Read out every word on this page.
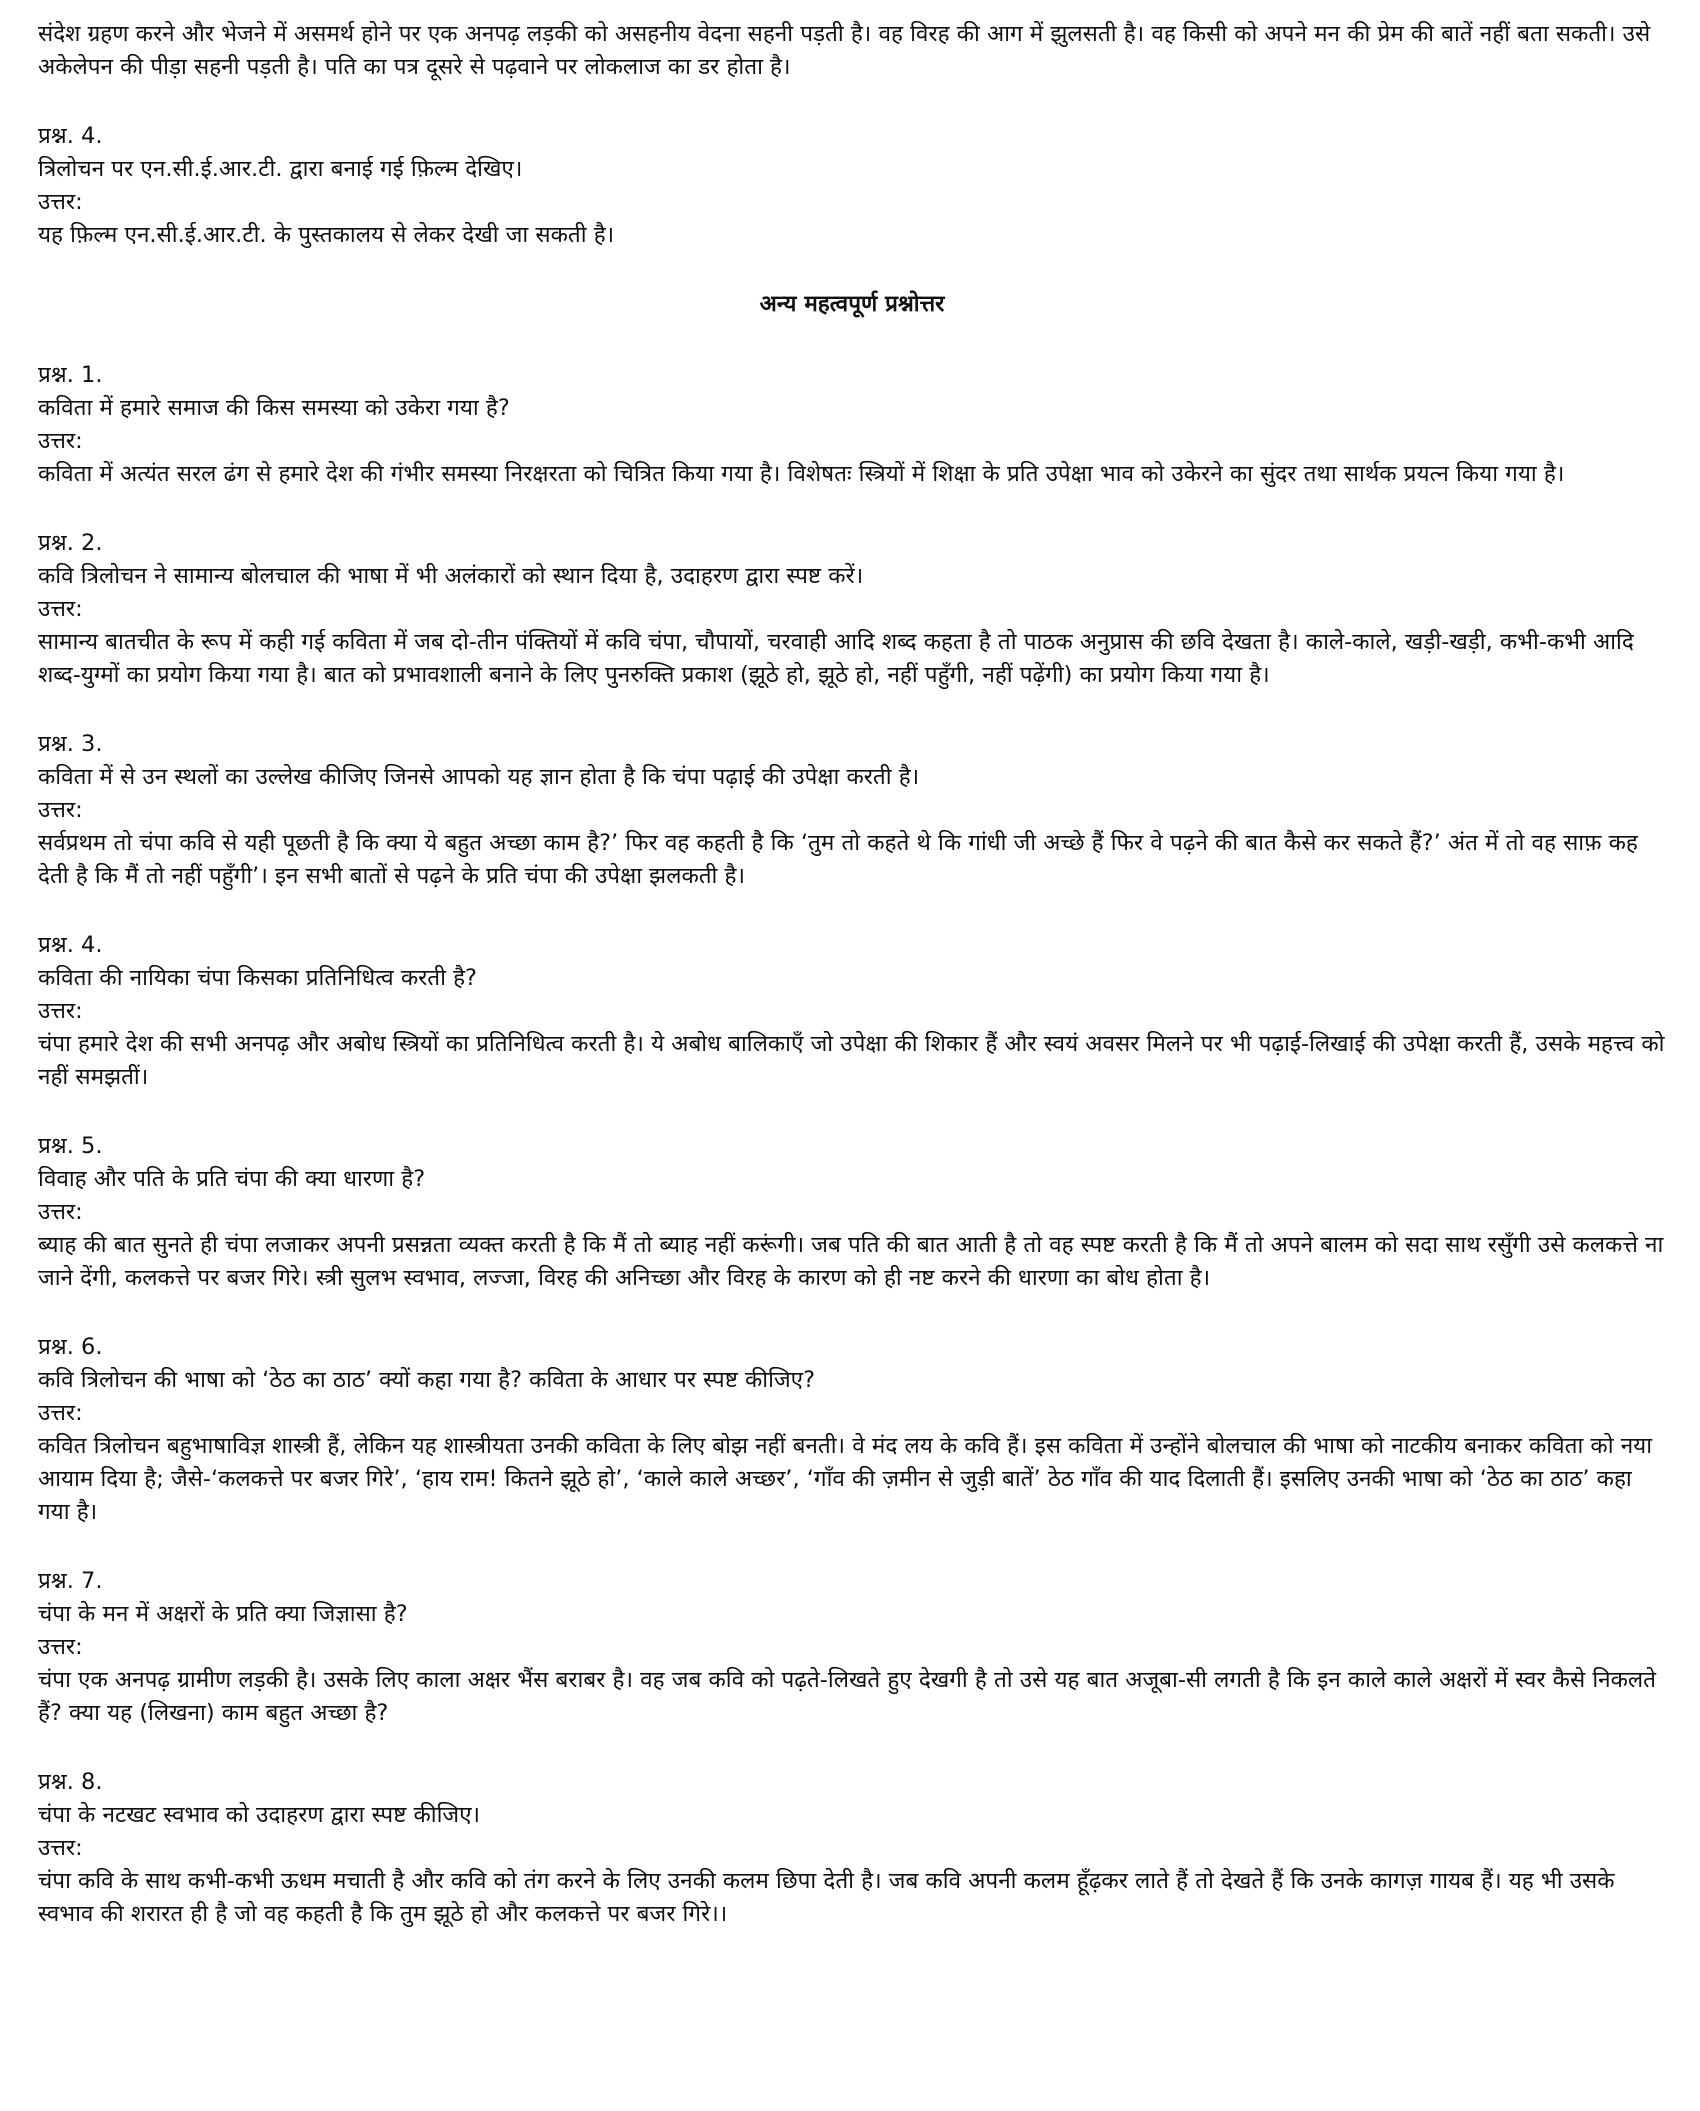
संदेश ग्रहण करने और भेजने में असमर्थ होने पर एक अनपढ़ लड़की को असहनीय वेदना सहनी पड़ती है। वह विरह की आग में झुलसती है। वह किसी को अपने मन की प्रेम की बातें नहीं बता सकती। उसे अकेलेपन की पीड़ा सहनी पड़ती है। पति का पत्र दूसरे से पढ़वाने पर लोकलाज का डर होता है।

प्रश्न. 4.

त्रिलोचन पर एन.सी.ई.आर.टी. द्वारा बनाई गई फ़िल्म देखिए।

उत्तर:

यह फ़िल्म एन.सी.ई.आर.टी. के पुस्तकालय से लेकर देखी जा सकती है।

अन्य महत्वपूर्ण प्रश्नोत्तर

प्रश्न. 1.

कविता में हमारे समाज की किस समस्या को उकेरा गया है?

उत्तर:

कविता में अत्यंत सरल ढंग से हमारे देश की गंभीर समस्या निरक्षरता को चित्रित किया गया है। विशेषतः स्त्रियों में शिक्षा के प्रति उपेक्षा भाव को उकेरने का सुंदर तथा सार्थक प्रयत्न किया गया है।

प्रश्न. 2.

कवि त्रिलोचन ने सामान्य बोलचाल की भाषा में भी अलंकारों को स्थान दिया है, उदाहरण द्वारा स्पष्ट करें।

उत्तर:

सामान्य बातचीत के रूप में कही गई कविता में जब दो-तीन पंक्तियों में कवि चंपा, चौपायों, चरवाही आदि शब्द कहता है तो पाठक अनुप्रास की छवि देखता है। काले-काले, खड़ी-खड़ी, कभी-कभी आदि शब्द-युग्मों का प्रयोग किया गया है। बात को प्रभावशाली बनाने के लिए पुनरुक्ति प्रकाश (झूठे हो, झूठे हो, नहीं पहुँगी, नहीं पढ़ेंगी) का प्रयोग किया गया है।

प्रश्न. 3.

कविता में से उन स्थलों का उल्लेख कीजिए जिनसे आपको यह ज्ञान होता है कि चंपा पढ़ाई की उपेक्षा करती है।

उत्तर:

सर्वप्रथम तो चंपा कवि से यही पूछती है कि क्या ये बहुत अच्छा काम है?’ फिर वह कहती है कि ‘तुम तो कहते थे कि गांधी जी अच्छे हैं फिर वे पढ़ने की बात कैसे कर सकते हैं?’ अंत में तो वह साफ़ कह देती है कि मैं तो नहीं पहुँगी’। इन सभी बातों से पढ़ने के प्रति चंपा की उपेक्षा झलकती है।

प्रश्न. 4.

कविता की नायिका चंपा किसका प्रतिनिधित्व करती है?

उत्तर:

चंपा हमारे देश की सभी अनपढ़ और अबोध स्त्रियों का प्रतिनिधित्व करती है। ये अबोध बालिकाएँ जो उपेक्षा की शिकार हैं और स्वयं अवसर मिलने पर भी पढ़ाई-लिखाई की उपेक्षा करती हैं, उसके महत्त्व को नहीं समझतीं।

प्रश्न. 5.

विवाह और पति के प्रति चंपा की क्या धारणा है?

उत्तर:

ब्याह की बात सुनते ही चंपा लजाकर अपनी प्रसन्नता व्यक्त करती है कि मैं तो ब्याह नहीं करूंगी। जब पति की बात आती है तो वह स्पष्ट करती है कि मैं तो अपने बालम को सदा साथ रसुँगी उसे कलकत्ते ना जाने देंगी, कलकत्ते पर बजर गिरे। स्त्री सुलभ स्वभाव, लज्जा, विरह की अनिच्छा और विरह के कारण को ही नष्ट करने की धारणा का बोध होता है।

प्रश्न. 6.

कवि त्रिलोचन की भाषा को ‘ठेठ का ठाठ’ क्यों कहा गया है? कविता के आधार पर स्पष्ट कीजिए?

उत्तर:

कवित त्रिलोचन बहुभाषाविज्ञ शास्त्री हैं, लेकिन यह शास्त्रीयता उनकी कविता के लिए बोझ नहीं बनती। वे मंद लय के कवि हैं। इस कविता में उन्होंने बोलचाल की भाषा को नाटकीय बनाकर कविता को नया आयाम दिया है; जैसे-‘कलकत्ते पर बजर गिरे’, ‘हाय राम! कितने झूठे हो’, ‘काले काले अच्छर’, ‘गाँव की ज़मीन से जुड़ी बातें’ ठेठ गाँव की याद दिलाती हैं। इसलिए उनकी भाषा को ‘ठेठ का ठाठ’ कहा गया है।

प्रश्न. 7.

चंपा के मन में अक्षरों के प्रति क्या जिज्ञासा है?

उत्तर:

चंपा एक अनपढ़ ग्रामीण लड़की है। उसके लिए काला अक्षर भैंस बराबर है। वह जब कवि को पढ़ते-लिखते हुए देखगी है तो उसे यह बात अजूबा-सी लगती है कि इन काले काले अक्षरों में स्वर कैसे निकलते हैं? क्या यह (लिखना) काम बहुत अच्छा है?

प्रश्न. 8.

चंपा के नटखट स्वभाव को उदाहरण द्वारा स्पष्ट कीजिए।

उत्तर:

चंपा कवि के साथ कभी-कभी ऊधम मचाती है और कवि को तंग करने के लिए उनकी कलम छिपा देती है। जब कवि अपनी कलम हूँढ़कर लाते हैं तो देखते हैं कि उनके कागज़ गायब हैं। यह भी उसके स्वभाव की शरारत ही है जो वह कहती है कि तुम झूठे हो और कलकत्ते पर बजर गिरे।।
